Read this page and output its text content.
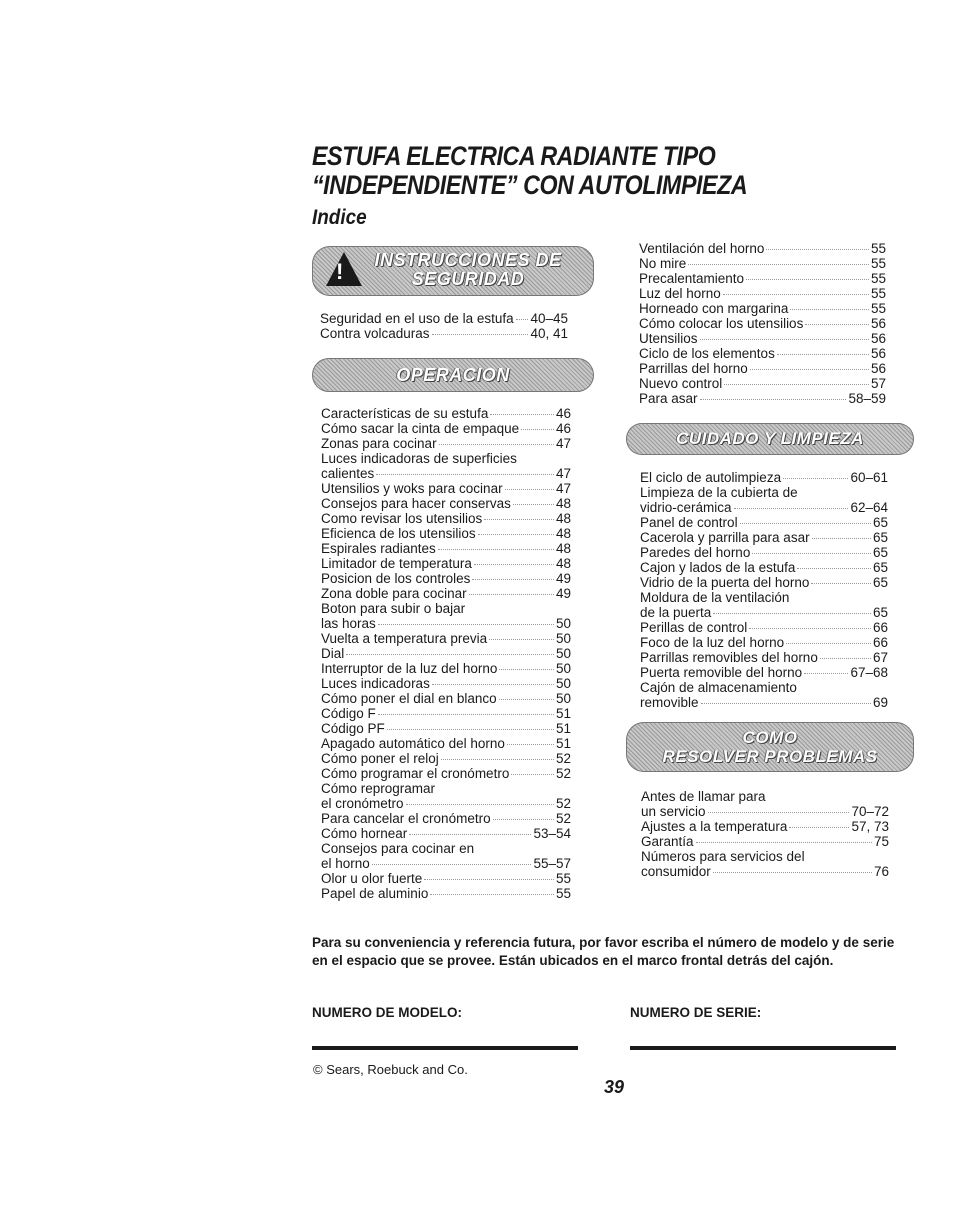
ESTUFA ELECTRICA RADIANTE TIPO
“INDEPENDIENTE” CON AUTOLIMPIEZA
Indice
!	INSTRUCCIONES DE
SEGURIDAD
Seguridad en el uso de la estufa 40–45
Contra volcaduras	40, 41
OPERACION
Características de su estufa	46
Cómo sacar la cinta de empaque	46
Zonas para cocinar	47
Luces indicadoras de superficies
calientes	47
Utensilios y woks para cocinar	47
Consejos para hacer conservas	48
Como revisar los utensilios	48
Eficienca de los utensilios	48
Espirales radiantes	48
Limitador de temperatura	48
Posicion de los controles	49
Zona doble para cocinar	49
Boton para subir o bajar
las horas	50
Vuelta a temperatura previa	50
Dial	50
Interruptor de la luz del horno	50
Luces indicadoras	50
Cómo poner el dial en blanco	50
Código F	51
Código PF	51
Apagado automático del horno	51
Cómo poner el reloj	52
Cómo programar el cronómetro	52
Cómo reprogramar
el cronómetro	52
Para cancelar el cronómetro	52
Cómo hornear	53–54
Consejos para cocinar en
el horno	55–57
Olor u olor fuerte	55
Papel de aluminio	55
Ventilación del horno	55
No mire	55
Precalentamiento	55
Luz del horno	55
Horneado con margarina	55
Cómo colocar los utensilios	56
Utensilios	56
Ciclo de los elementos	56
Parrillas del horno	56
Nuevo control	57
Para asar	58–59
CUIDADO Y LIMPIEZA
El ciclo de autolimpieza	60–61
Limpieza de la cubierta de
vidrio-cerámica	62–64
Panel de control	65
Cacerola y parrilla para asar	65
Paredes del horno	65
Cajon y lados de la estufa	65
Vidrio de la puerta del horno	65
Moldura de la ventilación
de la puerta	65
Perillas de control	66
Foco de la luz del horno	66
Parrillas removibles del horno	67
Puerta removible del horno	67–68
Cajón de almacenamiento
removible	69
COMO
RESOLVER PROBLEMAS
Antes de llamar para
un servicio	70–72
Ajustes a la temperatura	57, 73
Garantía	75
Números para servicios del
consumidor	76
Para su conveniencia y referencia futura, por favor escriba el número de modelo y de serie en el espacio que se provee. Están ubicados en el marco frontal detrás del cajón.
NUMERO DE MODELO:	NUMERO DE SERIE:
© Sears, Roebuck and Co.
39
